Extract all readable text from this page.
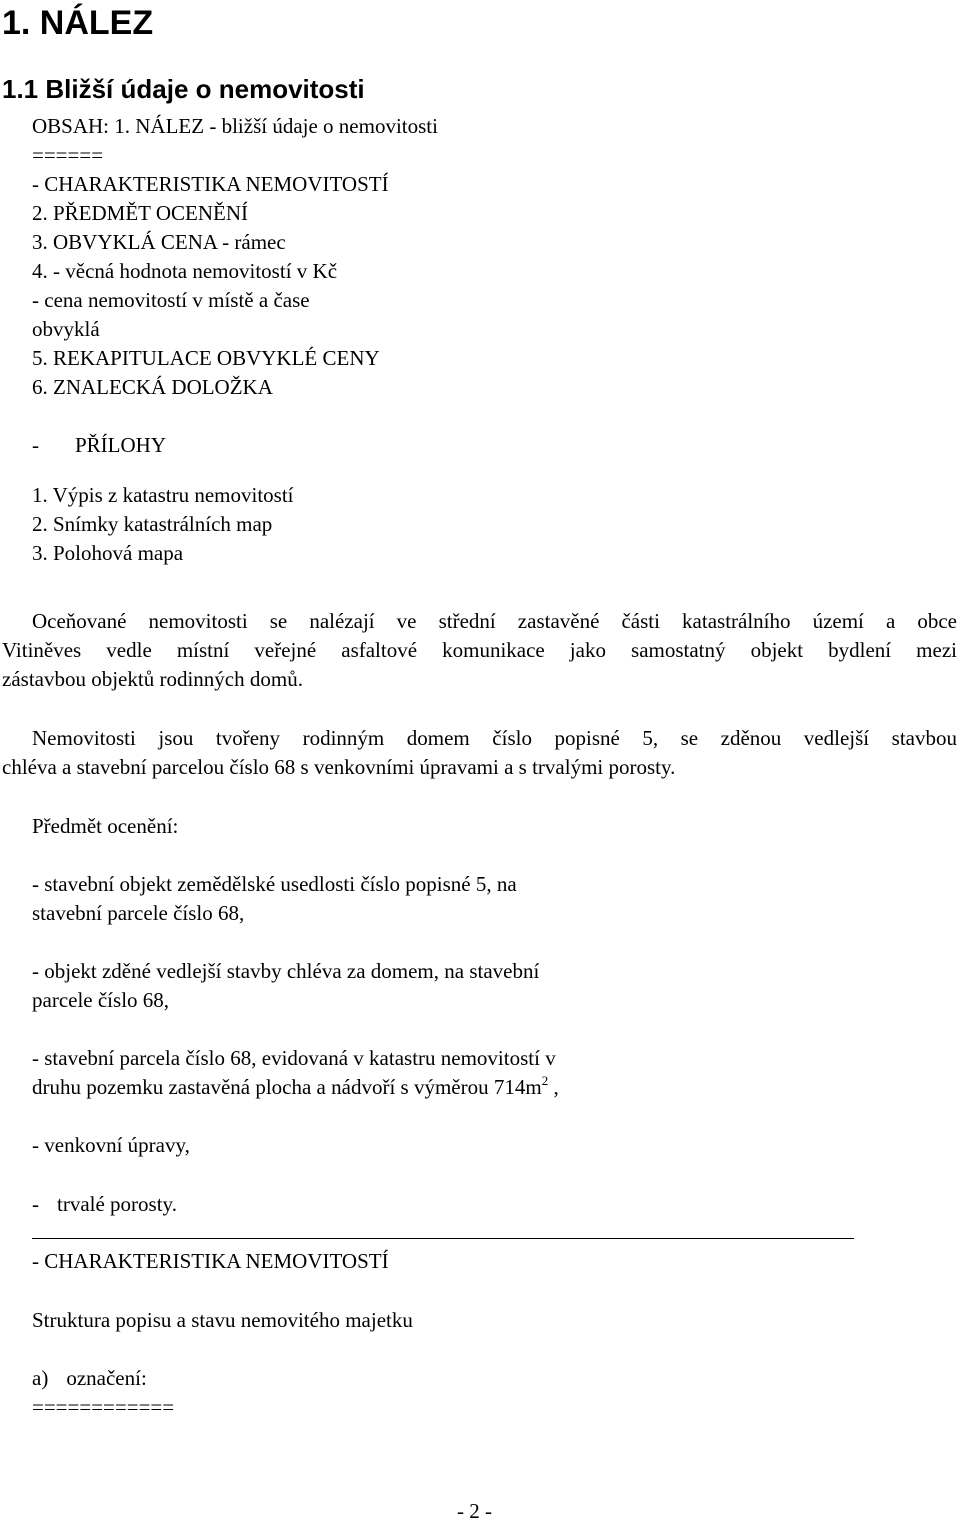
1. NÁLEZ
1.1 Bližší údaje o nemovitosti
OBSAH: 1. NÁLEZ - bližší údaje o nemovitosti
======
- CHARAKTERISTIKA NEMOVITOSTÍ
2. PŘEDMĚT OCENĚNÍ
3. OBVYKLÁ CENA - rámec
4. - věcná hodnota nemovitostí v Kč
- cena nemovitostí v místě a čase
obvyklá
5. REKAPITULACE OBVYKLÉ CENY
6. ZNALECKÁ DOLOŽKA
- PŘÍLOHY
1. Výpis z katastru nemovitostí
2. Snímky katastrálních map
3. Polohová mapa
Oceňované nemovitosti se nalézají ve střední zastavěné části katastrálního území a obce
Vitiněves vedle místní veřejné asfaltové komunikace jako samostatný objekt bydlení mezi
zástavbou objektů rodinných domů.
Nemovitosti jsou tvořeny rodinným domem číslo popisné 5, se zděnou vedlejší stavbou
chléva a stavební parcelou číslo 68 s venkovními úpravami a s trvalými porosty.
Předmět ocenění:
- stavební objekt zemědělské usedlosti číslo popisné 5, na
stavební parcele číslo 68,
- objekt zděné vedlejší stavby chléva za domem, na stavební
parcele číslo 68,
- stavební parcela číslo 68, evidovaná v katastru nemovitostí v
druhu pozemku zastavěná plocha a nádvoří s výměrou $714m^2$ ,
- venkovní úpravy,
- trvalé porosty.
- CHARAKTERISTIKA NEMOVITOSTÍ
Struktura popisu a stavu nemovitého majetku
a) označení:
============
- 2 -
